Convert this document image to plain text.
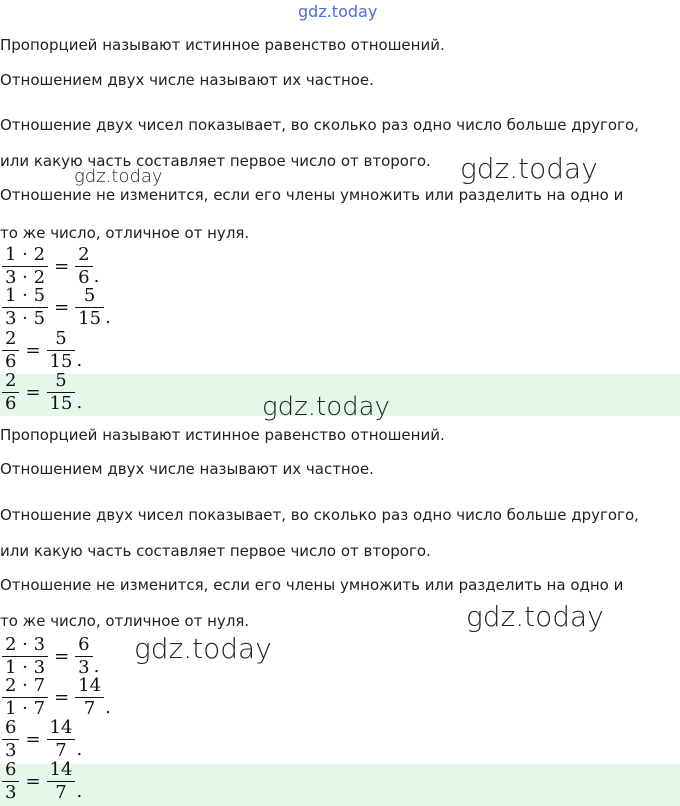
gdz.today
Пропорцией называют истинное равенство отношений.
Отношением двух числе называют их частное.
Отношение двух чисел показывает, во сколько раз одно число больше другого,
или какую часть составляет первое число от второго.
Отношение не изменится, если его члены умножить или разделить на одно и
то же число, отличное от нуля.
$\frac{1 \cdot 2}{3 \cdot 2} = \frac{2}{6}$ .
$\frac{1 \cdot 5}{3 \cdot 5} = \frac{5}{15}$ .
$\frac{2}{6} = \frac{5}{15}$ .
$\frac{2}{6} = \frac{5}{15}$ .
Пропорцией называют истинное равенство отношений.
Отношением двух числе называют их частное.
Отношение двух чисел показывает, во сколько раз одно число больше другого,
или какую часть составляет первое число от второго.
Отношение не изменится, если его члены умножить или разделить на одно и
то же число, отличное от нуля.
$\frac{2 \cdot 3}{1 \cdot 3} = \frac{6}{3}$ .
$\frac{2 \cdot 7}{1 \cdot 7} = \frac{14}{7}$ .
$\frac{6}{3} = \frac{14}{7}$ .
$\frac{6}{3} = \frac{14}{7}$ .
gdz.today	gdz.today
gdz.today
gdz.today
gdz.today
